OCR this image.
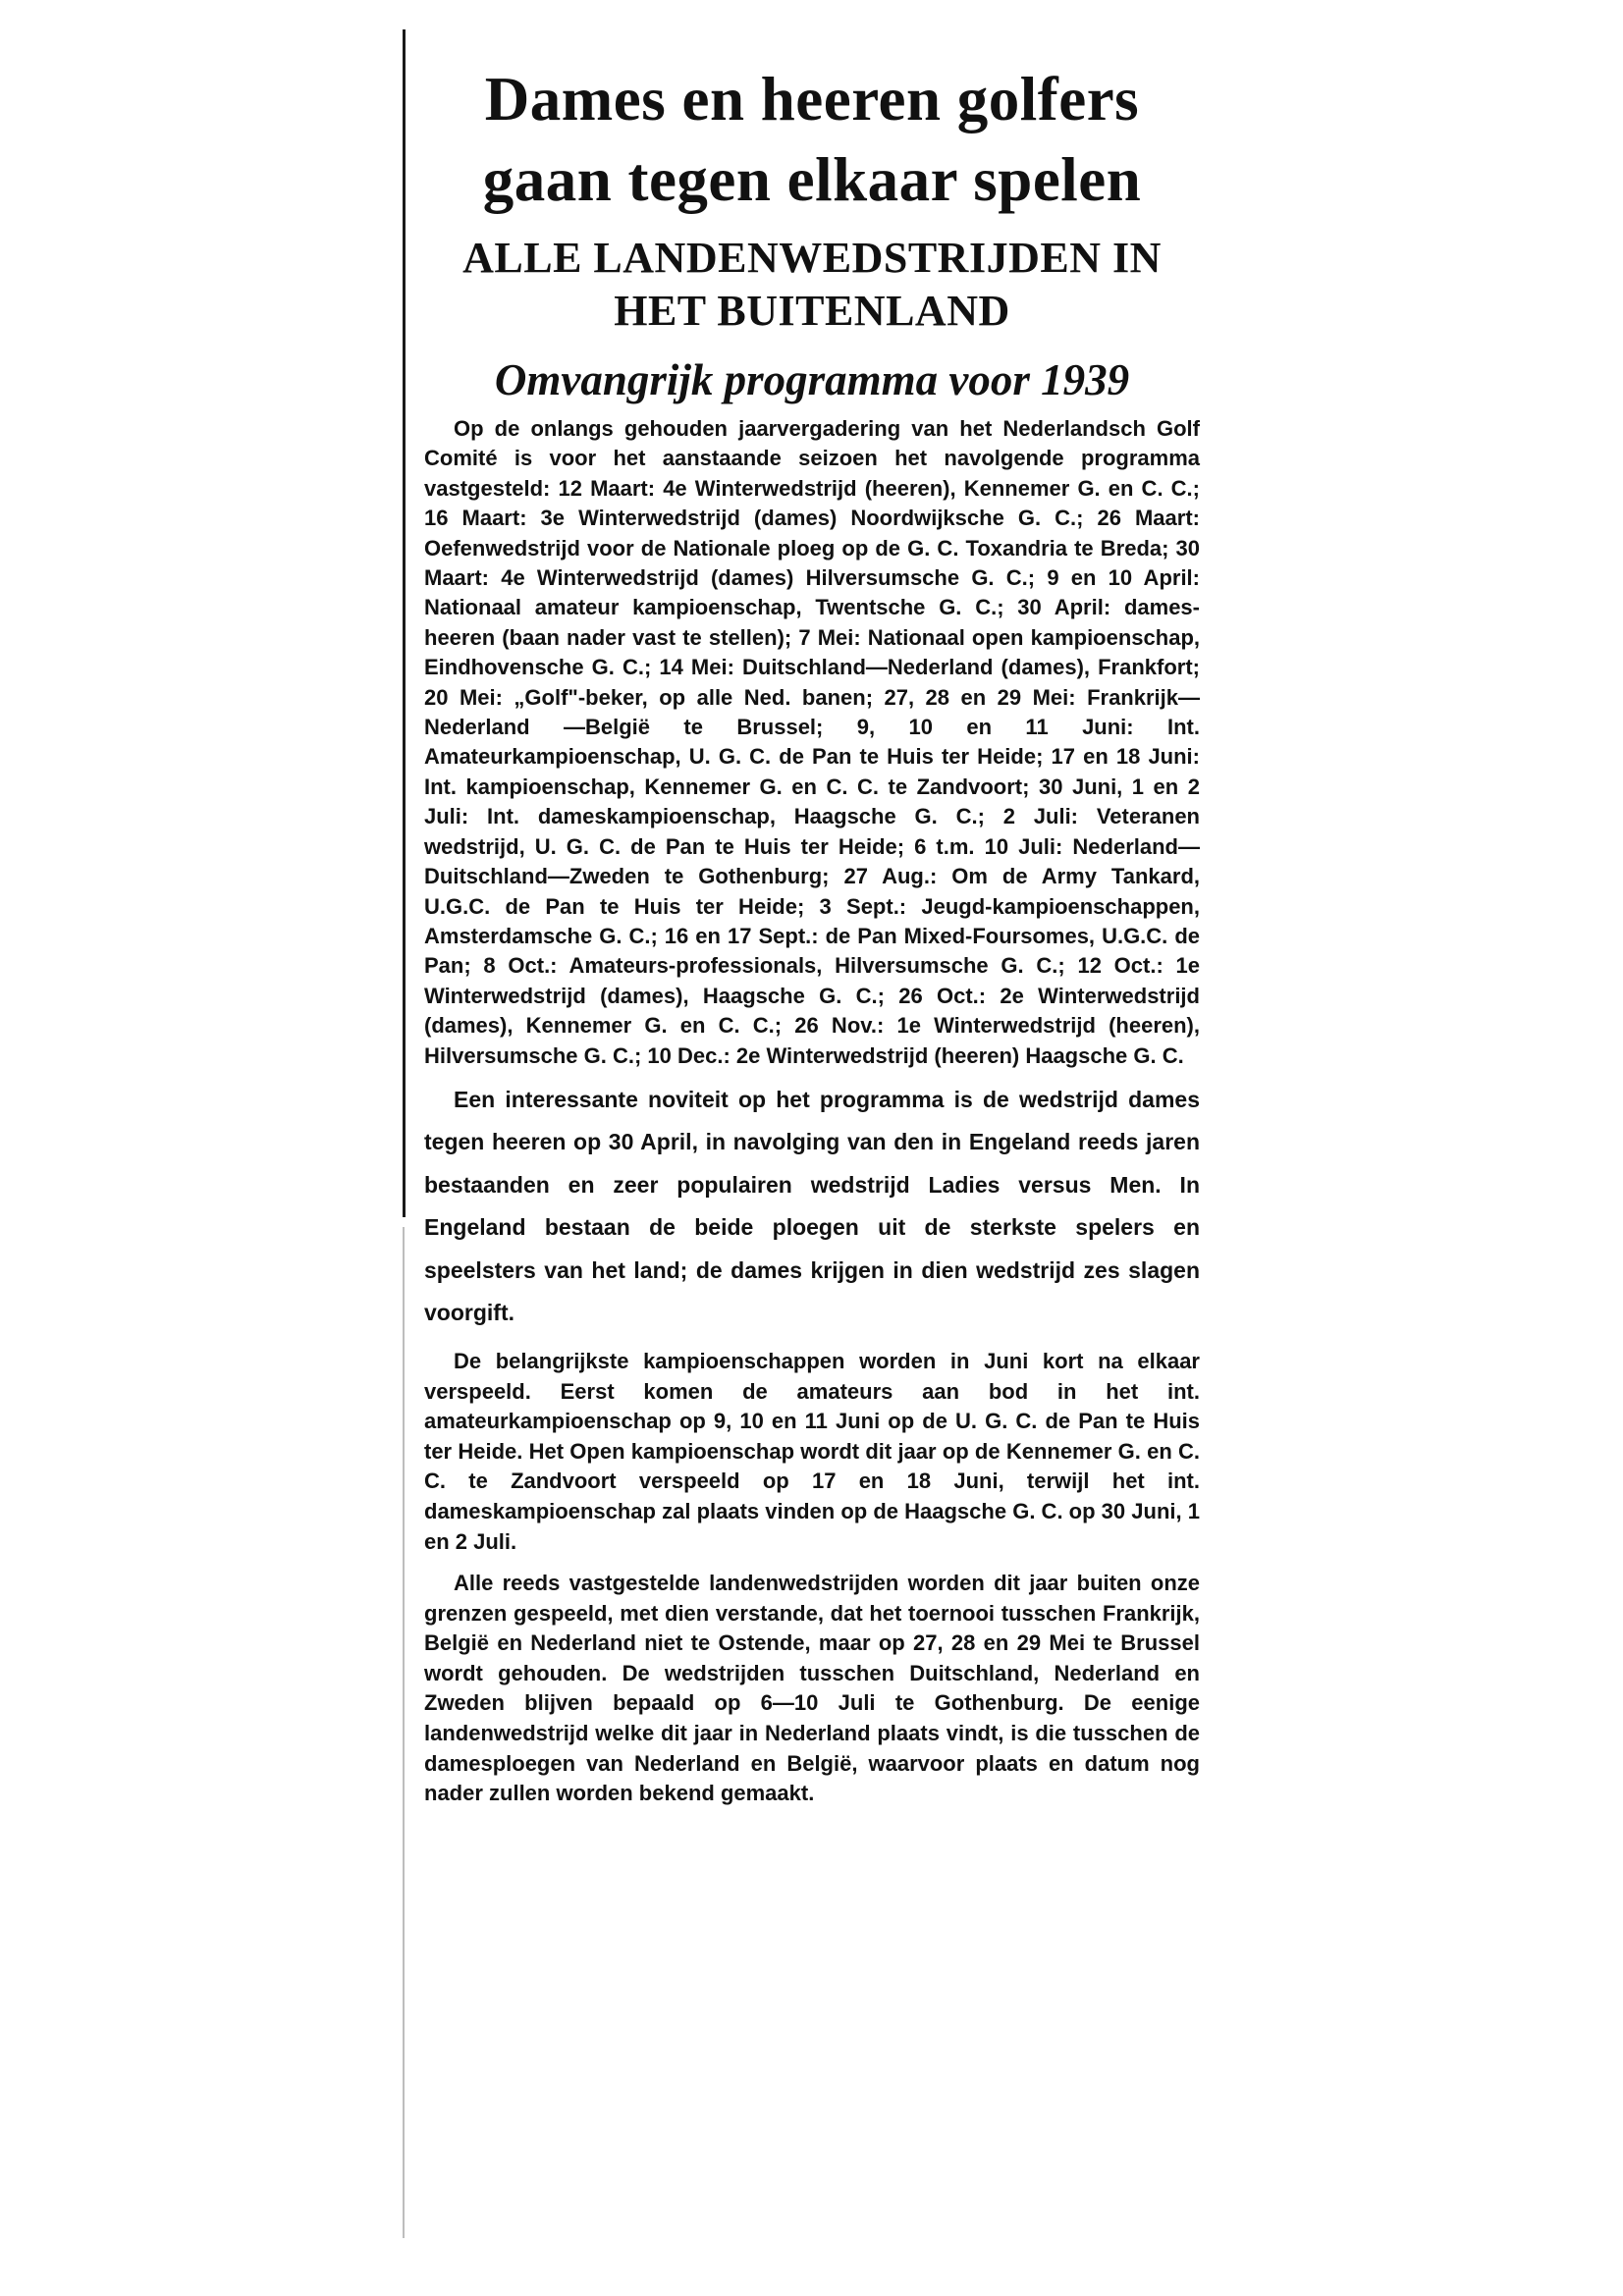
Dames en heeren golfers gaan tegen elkaar spelen
ALLE LANDENWEDSTRIJDEN IN HET BUITENLAND
Omvangrijk programma voor 1939

Op de onlangs gehouden jaarvergadering van het Nederlandsch Golf Comité is voor het aanstaande seizoen het navolgende programma vastgesteld: 12 Maart: 4e Winterwedstrijd (heeren), Kennemer G. en C. C.; 16 Maart: 3e Winterwedstrijd (dames) Noordwijksche G. C.; 26 Maart: Oefenwedstrijd voor de Nationale ploeg op de G. C. Toxandria te Breda; 30 Maart: 4e Winterwedstrijd (dames) Hilversumsche G. C.; 9 en 10 April: Nationaal amateur kampioenschap, Twentsche G. C.; 30 April: dames-heeren (baan nader vast te stellen); 7 Mei: Nationaal open kampioenschap, Eindhovensche G. C.; 14 Mei: Duitschland—Nederland (dames), Frankfort; 20 Mei: „Golf"-beker, op alle Ned. banen; 27, 28 en 29 Mei: Frankrijk—Nederland —België te Brussel; 9, 10 en 11 Juni: Int. Amateurkampioenschap, U. G. C. de Pan te Huis ter Heide; 17 en 18 Juni: Int. kampioenschap, Kennemer G. en C. C. te Zandvoort; 30 Juni, 1 en 2 Juli: Int. dameskampioenschap, Haagsche G. C.; 2 Juli: Veteranen wedstrijd, U. G. C. de Pan te Huis ter Heide; 6 t.m. 10 Juli: Nederland—Duitschland—Zweden te Gothenburg; 27 Aug.: Om de Army Tankard, U.G.C. de Pan te Huis ter Heide; 3 Sept.: Jeugd-kampioenschappen, Amsterdamsche G. C.; 16 en 17 Sept.: de Pan Mixed-Foursomes, U.G.C. de Pan; 8 Oct.: Amateurs-professionals, Hilversumsche G. C.; 12 Oct.: 1e Winterwedstrijd (dames), Haagsche G. C.; 26 Oct.: 2e Winterwedstrijd (dames), Kennemer G. en C. C.; 26 Nov.: 1e Winterwedstrijd (heeren), Hilversumsche G. C.; 10 Dec.: 2e Winterwedstrijd (heeren) Haagsche G. C.

Een interessante noviteit op het programma is de wedstrijd dames tegen heeren op 30 April, in navolging van den in Engeland reeds jaren bestaanden en zeer populairen wedstrijd Ladies versus Men. In Engeland bestaan de beide ploegen uit de sterkste spelers en speelsters van het land; de dames krijgen in dien wedstrijd zes slagen voorgift.

De belangrijkste kampioenschappen worden in Juni kort na elkaar verspeeld. Eerst komen de amateurs aan bod in het int. amateurkampioenschap op 9, 10 en 11 Juni op de U. G. C. de Pan te Huis ter Heide. Het Open kampioenschap wordt dit jaar op de Kennemer G. en C. C. te Zandvoort verspeeld op 17 en 18 Juni, terwijl het int. dameskampioenschap zal plaats vinden op de Haagsche G. C. op 30 Juni, 1 en 2 Juli.

Alle reeds vastgestelde landenwedstrijden worden dit jaar buiten onze grenzen gespeeld, met dien verstande, dat het toernooi tusschen Frankrijk, België en Nederland niet te Ostende, maar op 27, 28 en 29 Mei te Brussel wordt gehouden. De wedstrijden tusschen Duitschland, Nederland en Zweden blijven bepaald op 6—10 Juli te Gothenburg. De eenige landenwedstrijd welke dit jaar in Nederland plaats vindt, is die tusschen de damesploegen van Nederland en België, waarvoor plaats en datum nog nader zullen worden bekend gemaakt.
